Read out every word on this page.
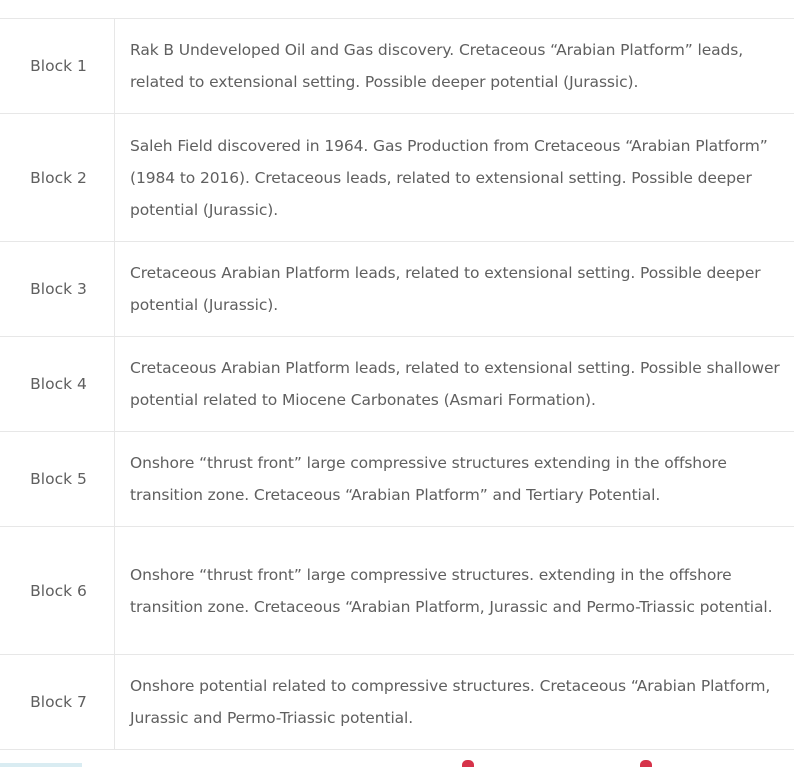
Block 1	Rak B Undeveloped Oil and Gas discovery. Cretaceous “Arabian Platform” leads, related to extensional setting. Possible deeper potential (Jurassic).
Block 2	Saleh Field discovered in 1964. Gas Production from Cretaceous “Arabian Platform” (1984 to 2016). Cretaceous leads, related to extensional setting. Possible deeper potential (Jurassic).
Block 3	Cretaceous Arabian Platform leads, related to extensional setting. Possible deeper potential (Jurassic).
Block 4	Cretaceous Arabian Platform leads, related to extensional setting. Possible shallower potential related to Miocene Carbonates (Asmari Formation).
Block 5	Onshore “thrust front” large compressive structures extending in the offshore transition zone. Cretaceous “Arabian Platform” and Tertiary Potential.
Block 6	Onshore “thrust front” large compressive structures. extending in the offshore transition zone. Cretaceous “Arabian Platform, Jurassic and Permo-Triassic potential.
Block 7	Onshore potential related to compressive structures. Cretaceous “Arabian Platform, Jurassic and Permo-Triassic potential.
